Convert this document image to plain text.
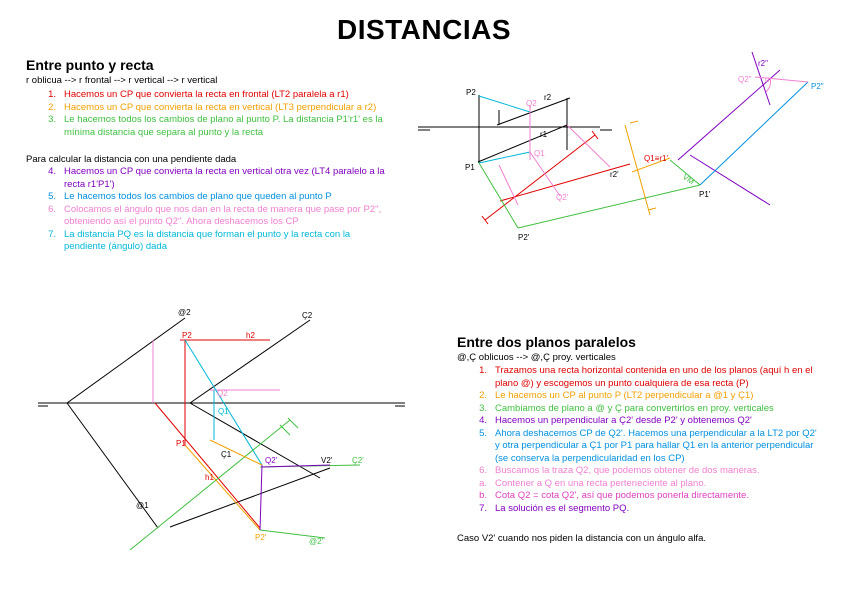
DISTANCIAS
Entre punto y recta
r oblicua --> r frontal --> r vertical --> r vertical
1. Hacemos un CP que convierta la recta en frontal (LT2 paralela a r1)
2. Hacemos un CP que convierta la recta en vertical (LT3 perpendicular a r2)
3. Le hacemos todos los cambios de plano al punto P. La distancia P1'r1' es la mínima distancia que separa al punto y la recta
Para calcular la distancia con una pendiente dada
4. Hacemos un CP que convierta la recta en vertical otra vez (LT4 paralelo a la recta r1'P1')
5. Le hacemos todos los cambios de plano que queden al punto P
6. Colocamos el ángulo que nos dan en la recta de manera que pase por P2", obteniendo así el punto Q2". Ahora deshacemos los CP
7. La distancia PQ es la distancia que forman el punto y la recta con la pendiente (ángulo) dada
Entre dos planos paralelos
@,Ç oblicuos --> @,Ç proy. verticales
1. Trazamos una recta horizontal contenida en uno de los planos (aquí h en el plano @) y escogemos un punto cualquiera de esa recta (P)
2. Le hacemos un CP al punto P (LT2 perpendicular a @1 y Ç1)
3. Cambiamos de plano a @ y Ç para convertirlos en proy. verticales
4. Hacemos un perpendicular a Ç2' desde P2' y obtenemos Q2'
5. Ahora deshacemos CP de Q2'. Hacemos una perpendicular a la LT2 por Q2' y otra perpendicular a Ç1 por P1 para hallar Q1 en la anterior perpendicular (se conserva la perpendicularidad en los CP)
6. Buscamos la traza Q2, que podemos obtener de dos maneras.
a. Contener a Q en una recta perteneciente al plano.
b. Cota Q2 = cota Q2', así que podemos ponerla directamente.
7. La solución es el segmento PQ.
Caso V2' cuando nos piden la distancia con un ángulo alfa.
P2
Q2
r2
r1
Q1
P1
Q2'
r2'
P2'
Q1≡r1'
VM
P1'
r2"
Q2"
P2"
α
@2	Ç2
P2	h2
Q2
Q1
P1
Ç1
h1
Q2'	V2' Ç2'
@1
P2'	@2'
